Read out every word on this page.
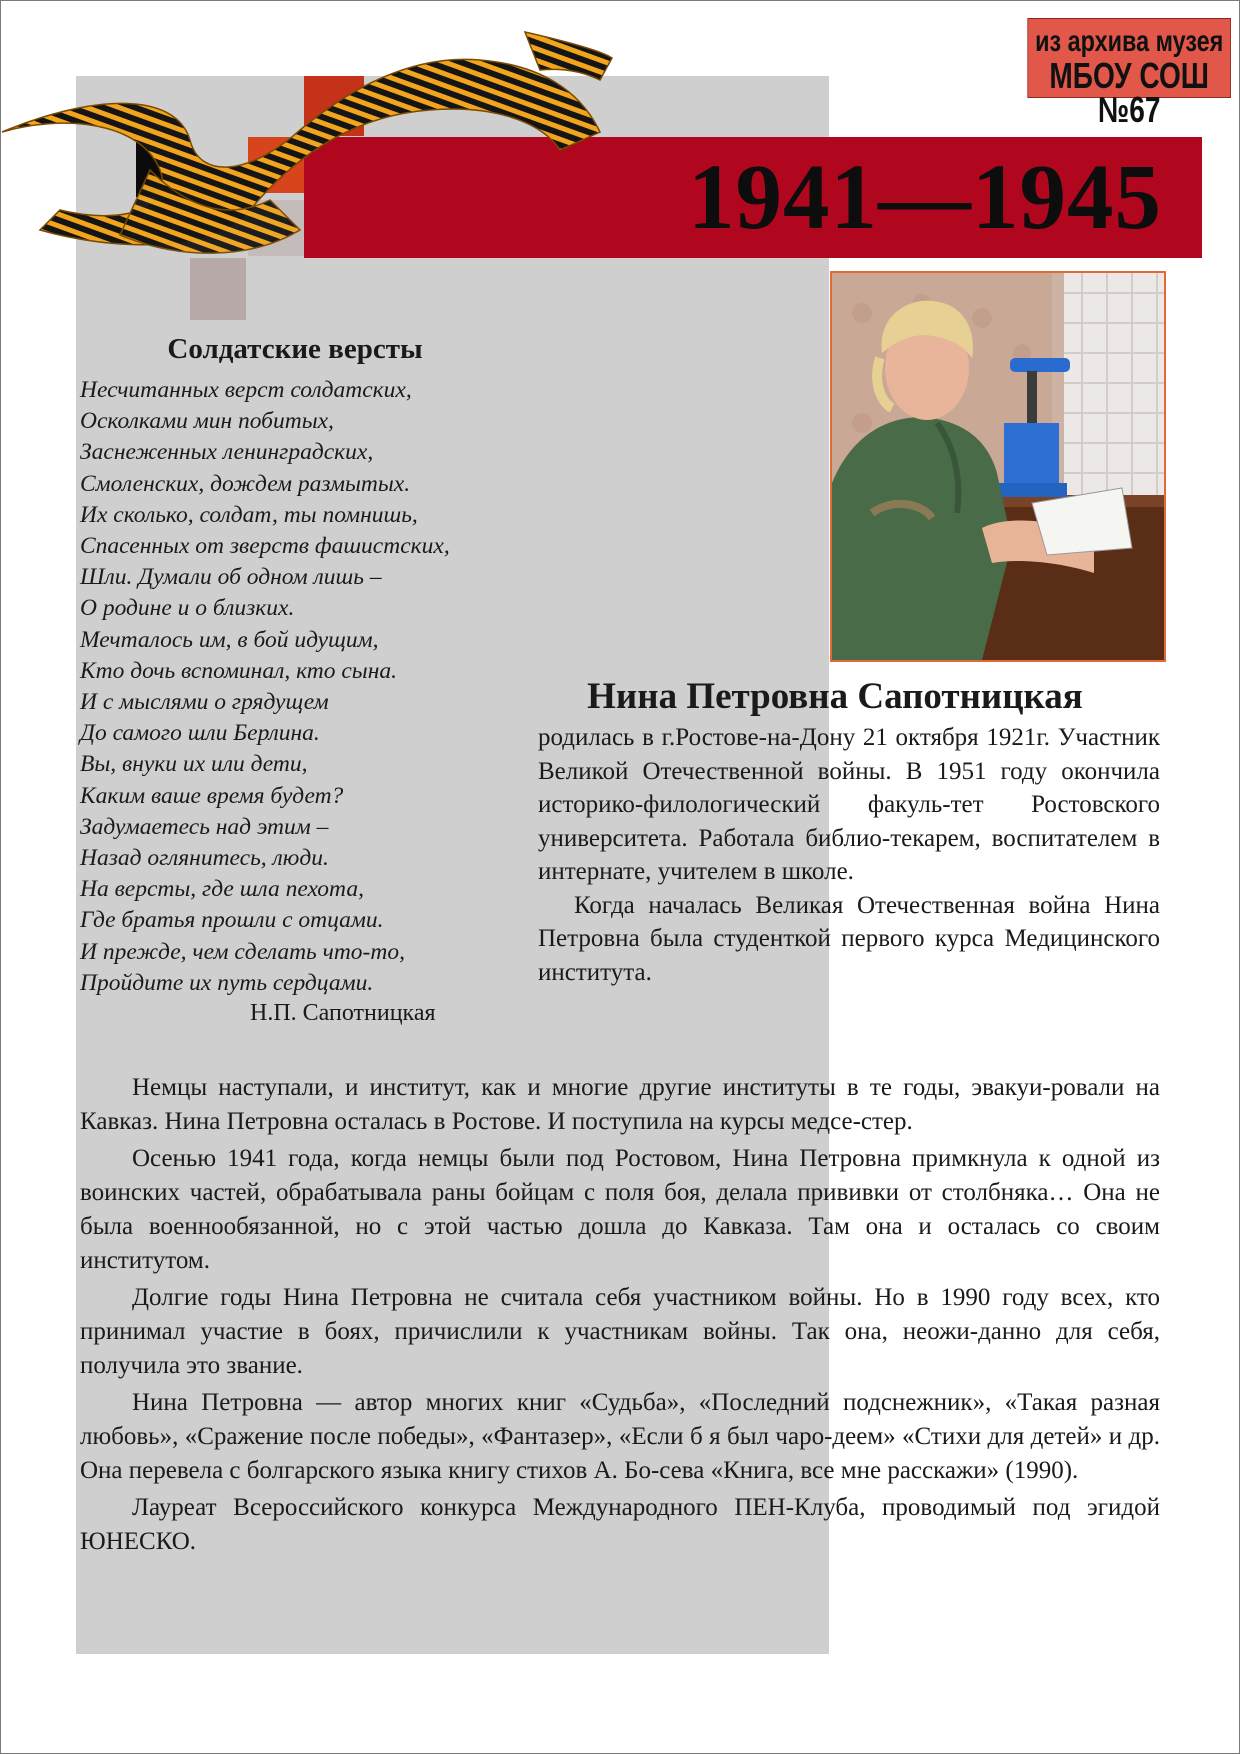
1941—1945
из архива музея
МБОУ СОШ №67
Солдатские версты
Несчитанных верст солдатских,
Осколками мин побитых,
Заснеженных ленинградских,
Смоленских, дождем размытых.
Их сколько, солдат, ты помнишь,
Спасенных от зверств фашистских,
Шли. Думали об одном лишь –
О родине и о близких.
Мечталось им, в бой идущим,
Кто дочь вспоминал, кто сына.
И с мыслями о грядущем
До самого шли Берлина.
Вы, внуки их или дети,
Каким ваше время будет?
Задумаетесь над этим –
Назад оглянитесь, люди.
На версты, где шла пехота,
Где братья прошли с отцами.
И прежде, чем сделать что-то,
Пройдите их путь сердцами.
Н.П. Сапотницкая
Нина Петровна Сапотницкая

родилась в г.Ростове-на-Дону 21 октября 1921г. Участник Великой Отечественной войны. В 1951 году окончила историко-филологический факуль-тет Ростовского университета. Работала библио-текарем, воспитателем в интернате, учителем в школе.

Когда началась Великая Отечественная война Нина Петровна была студенткой первого курса Медицинского института.

Немцы наступали, и институт, как и многие другие институты в те годы, эвакуи-ровали на Кавказ. Нина Петровна осталась в Ростове. И поступила на курсы медсе-стер.

Осенью 1941 года, когда немцы были под Ростовом, Нина Петровна примкнула к одной из воинских частей, обрабатывала раны бойцам с поля боя, делала прививки от столбняка… Она не была военнообязанной, но с этой частью дошла до Кавказа. Там она и осталась со своим институтом.

Долгие годы Нина Петровна не считала себя участником войны. Но в 1990 году всех, кто принимал участие в боях, причислили к участникам войны. Так она, неожи-данно для себя, получила это звание.

Нина Петровна — автор многих книг «Судьба», «Последний подснежник», «Такая разная любовь», «Сражение после победы», «Фантазер», «Если б я был чаро-деем» «Стихи для детей» и др. Она перевела с болгарского языка книгу стихов А. Бо-сева «Книга, все мне расскажи» (1990).

Лауреат Всероссийского конкурса Международного ПЕН-Клуба, проводимый под эгидой ЮНЕСКО.
